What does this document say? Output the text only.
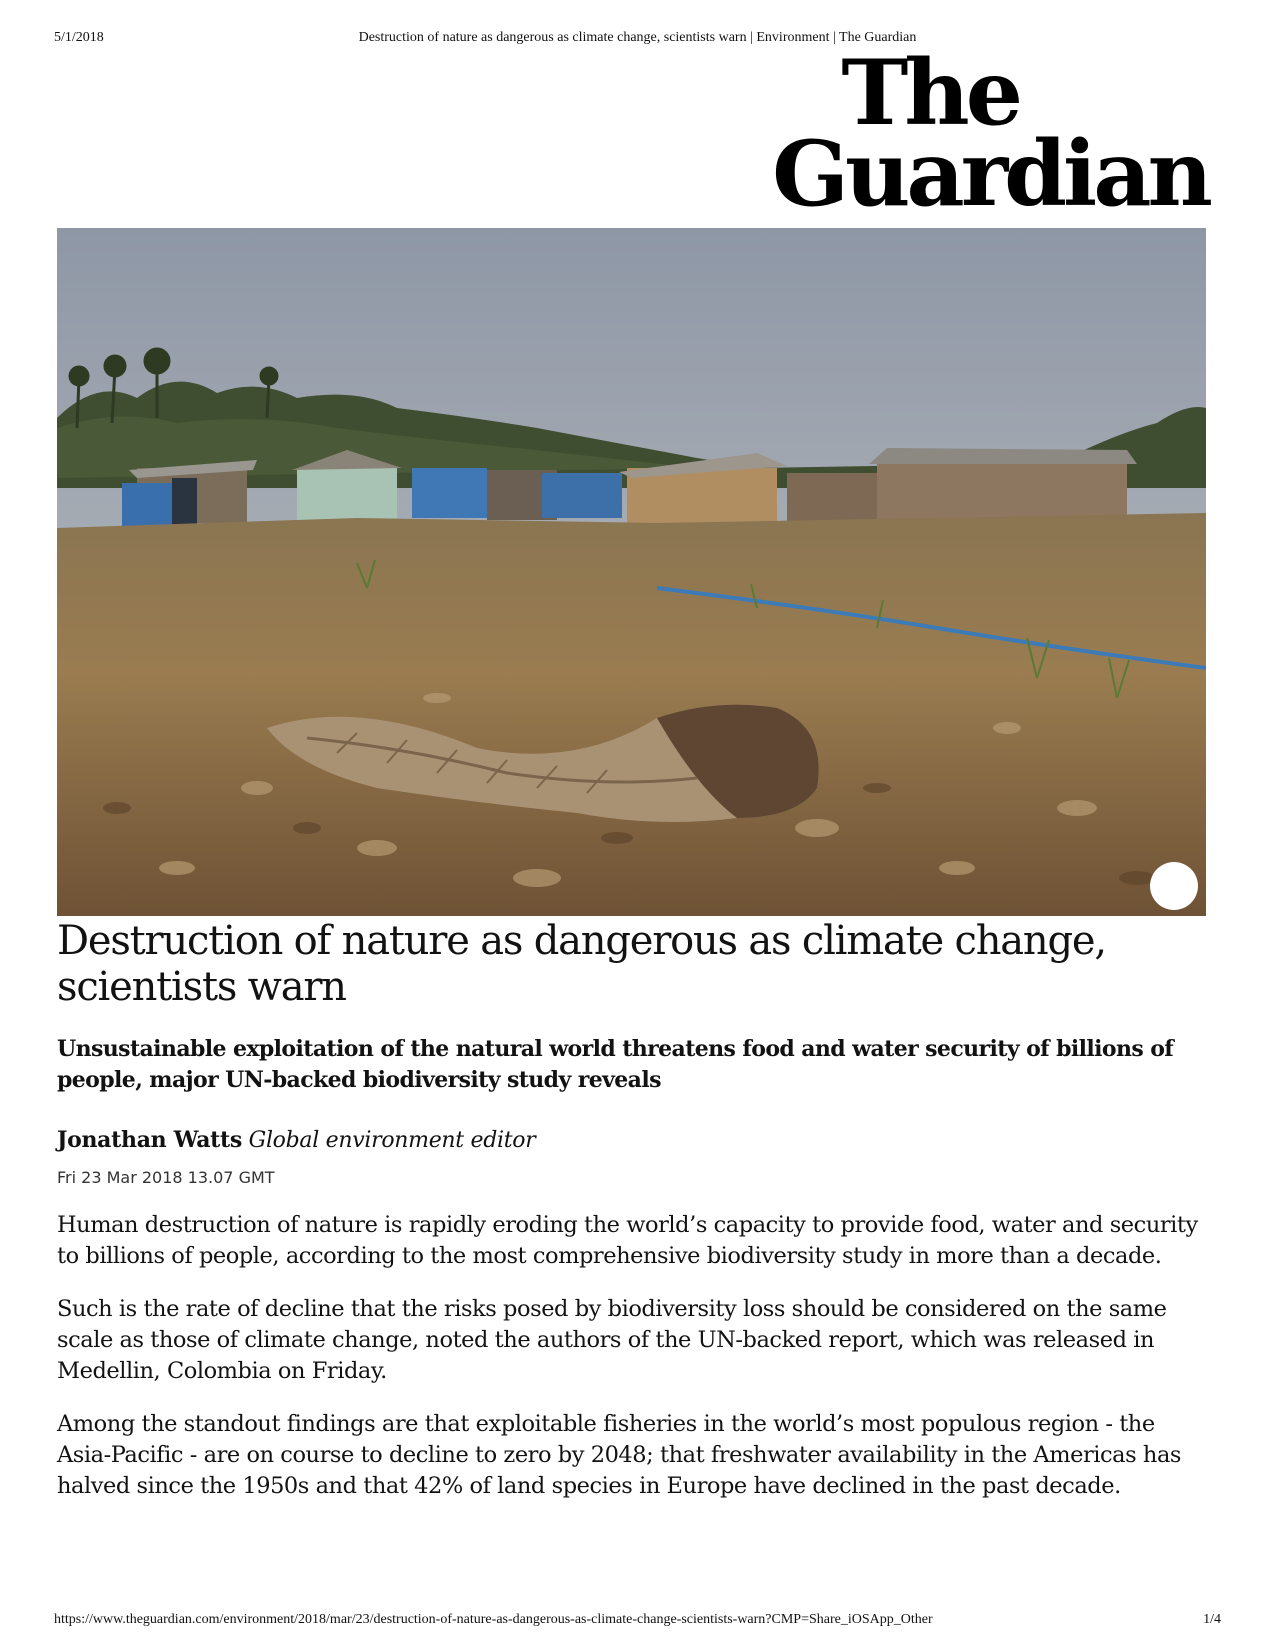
5/1/2018	Destruction of nature as dangerous as climate change, scientists warn | Environment | The Guardian
The
Guardian
Destruction of nature as dangerous as climate change,
scientists warn

Unsustainable exploitation of the natural world threatens food and water security of billions of people, major UN-backed biodiversity study reveals

Jonathan Watts Global environment editor
Fri 23 Mar 2018 13.07 GMT

Human destruction of nature is rapidly eroding the world’s capacity to provide food, water and security to billions of people, according to the most comprehensive biodiversity study in more than a decade.

Such is the rate of decline that the risks posed by biodiversity loss should be considered on the same scale as those of climate change, noted the authors of the UN-backed report, which was released in Medellin, Colombia on Friday.

Among the standout findings are that exploitable fisheries in the world’s most populous region - the Asia-Pacific - are on course to decline to zero by 2048; that freshwater availability in the Americas has halved since the 1950s and that 42% of land species in Europe have declined in the past decade.

https://www.theguardian.com/environment/2018/mar/23/destruction-of-nature-as-dangerous-as-climate-change-scientists-warn?CMP=Share_iOSApp_Other	1/4
